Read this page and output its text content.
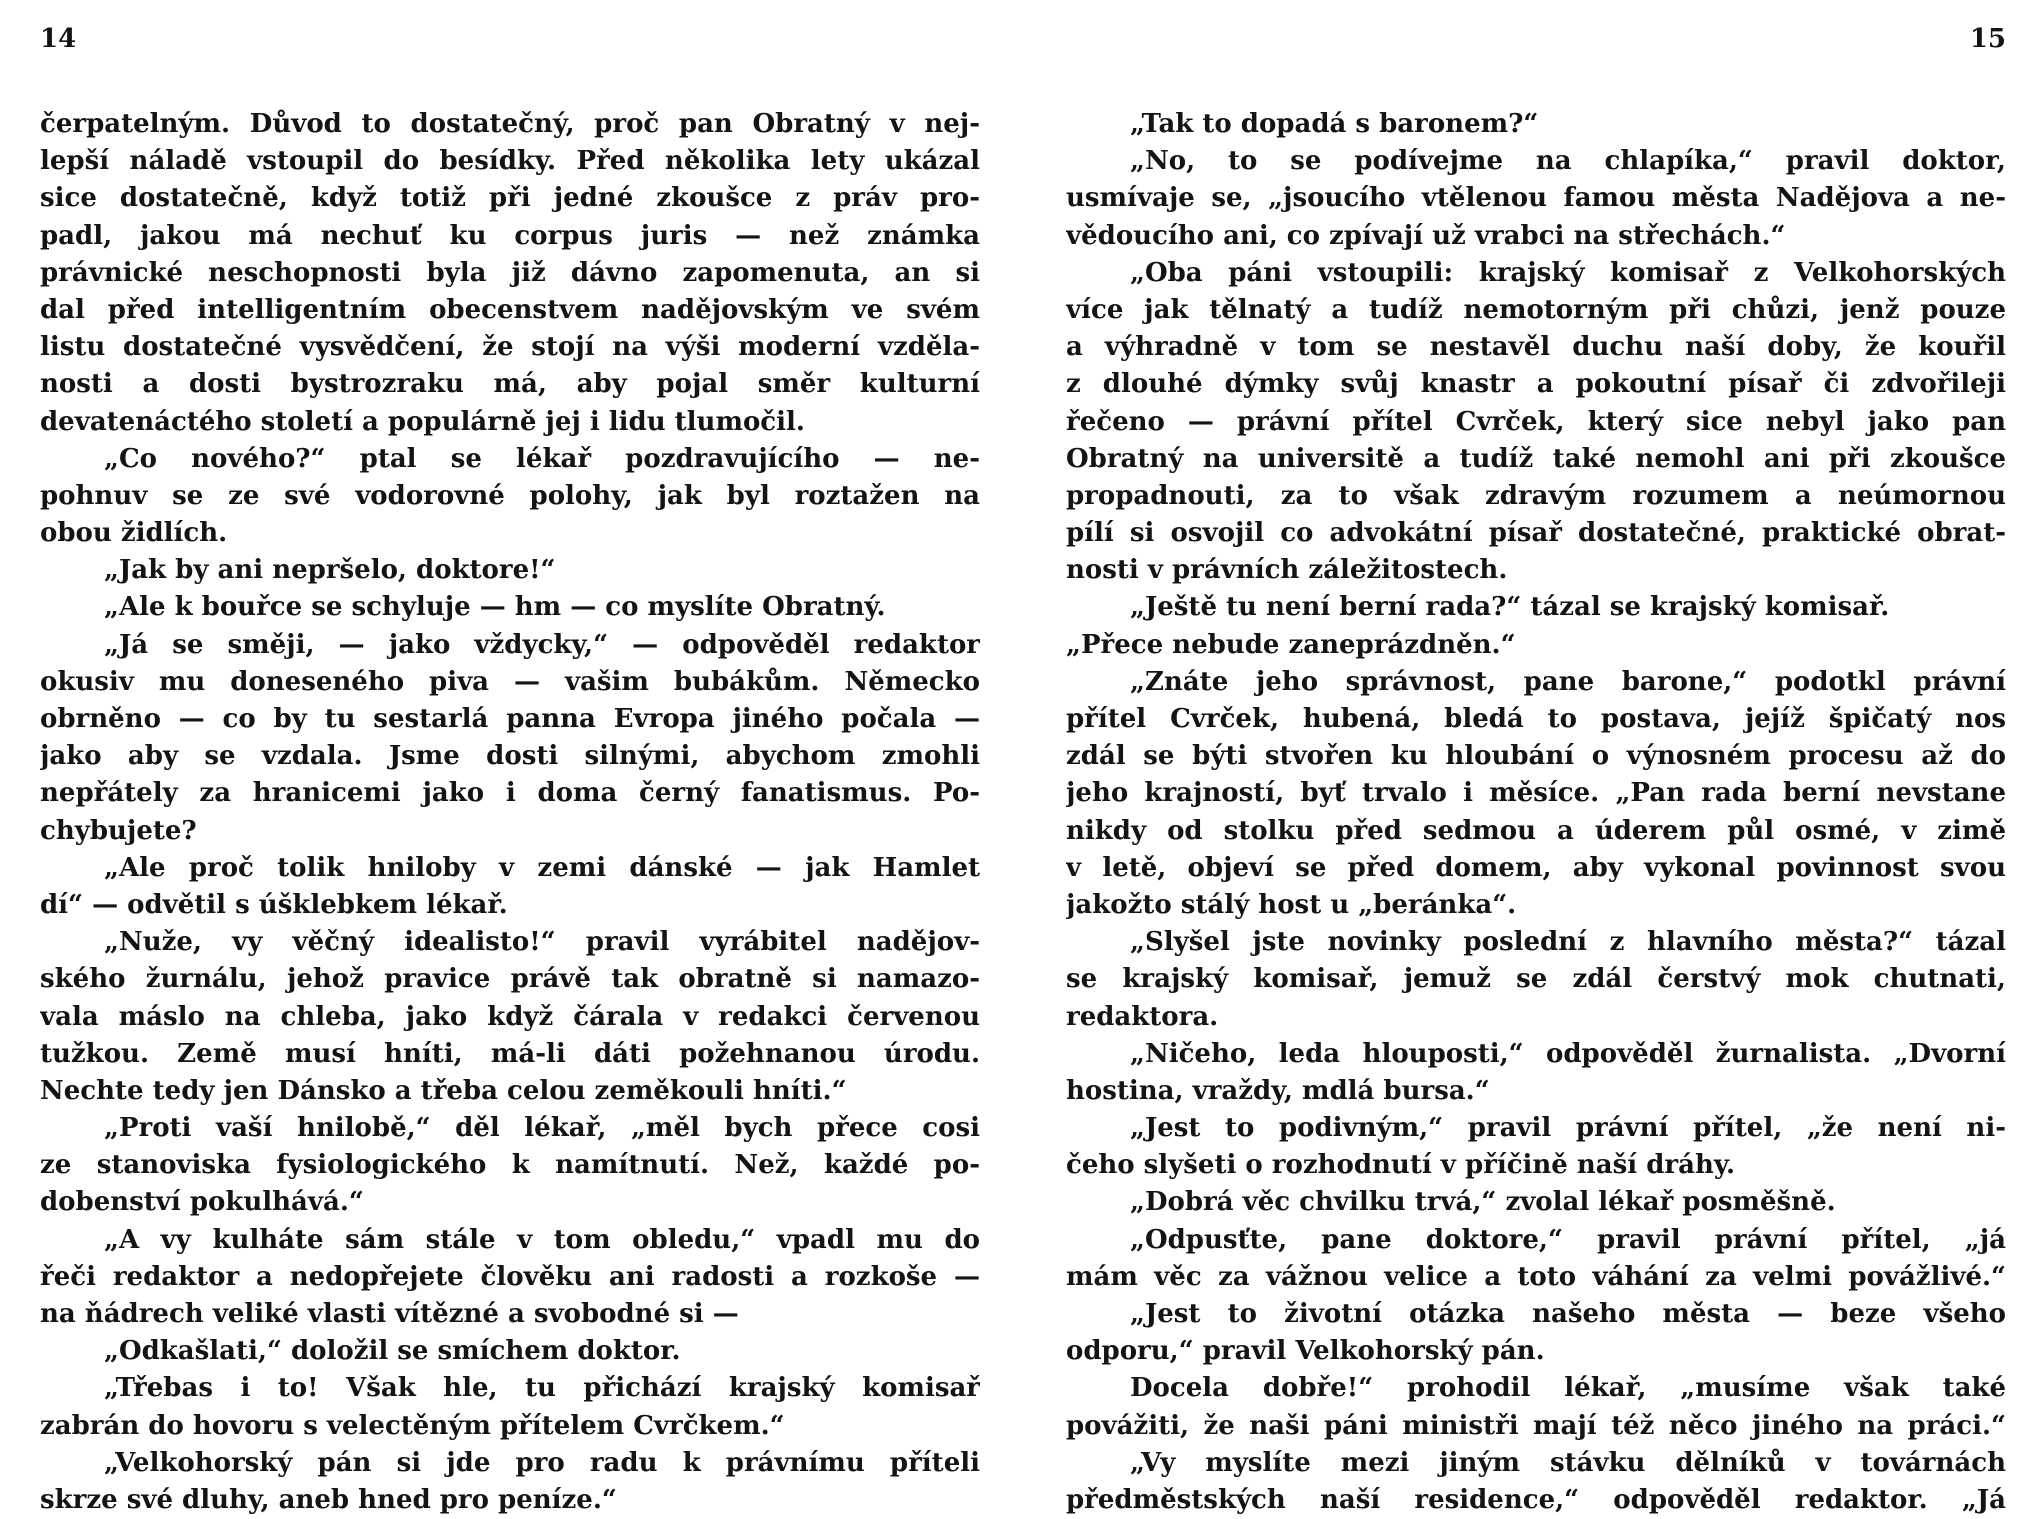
14
čerpatelným. Důvod to dostatečný, proč pan Obratný v nej-
lepší náladě vstoupil do besídky. Před několika lety ukázal
sice dostatečně, když totiž při jedné zkoušce z práv pro-
padl, jakou má nechuť ku corpus juris — než známka
právnické neschopnosti byla již dávno zapomenuta, an si
dal před intelligentním obecenstvem nadějovským ve svém
listu dostatečné vysvědčení, že stojí na výši moderní vzděla-
nosti a dosti bystrozraku má, aby pojal směr kulturní
devatenáctého století a populárně jej i lidu tlumočil.
„Co nového?“ ptal se lékař pozdravujícího — ne-
pohnuv se ze své vodorovné polohy, jak byl roztažen na
obou židlích.
„Jak by ani nepršelo, doktore!“
„Ale k bouřce se schyluje — hm — co myslíte Obratný.
„Já se směji, — jako vždycky,“ — odpověděl redaktor
okusiv mu doneseného piva — vašim bubákům. Německo
obrněno — co by tu sestarlá panna Evropa jiného počala —
jako aby se vzdala. Jsme dosti silnými, abychom zmohli
nepřátely za hranicemi jako i doma černý fanatismus. Po-
chybujete?
„Ale proč tolik hniloby v zemi dánské — jak Hamlet
dí“ — odvětil s úšklebkem lékař.
„Nuže, vy věčný idealisto!“ pravil vyrábitel nadějov-
ského žurnálu, jehož pravice právě tak obratně si namazo-
vala máslo na chleba, jako když čárala v redakci červenou
tužkou. Země musí hníti, má-li dáti požehnanou úrodu.
Nechte tedy jen Dánsko a třeba celou zeměkouli hníti.“
„Proti vaší hnilobě,“ děl lékař, „měl bych přece cosi
ze stanoviska fysiologického k namítnutí. Než, každé po-
dobenství pokulhává.“
„A vy kulháte sám stále v tom obledu,“ vpadl mu do
řeči redaktor a nedopřejete člověku ani radosti a rozkoše —
na ňádrech veliké vlasti vítězné a svobodné si —
„Odkašlati,“ doložil se smíchem doktor.
„Třebas i to! Však hle, tu přichází krajský komisař
zabrán do hovoru s velectěným přítelem Cvrčkem.“
„Velkohorský pán si jde pro radu k právnímu příteli
skrze své dluhy, aneb hned pro peníze.“
15
„Tak to dopadá s baronem?“
„No, to se podívejme na chlapíka,“ pravil doktor,
usmívaje se, „jsoucího vtělenou famou města Nadějova a ne-
vědoucího ani, co zpívají už vrabci na střechách.“
„Oba páni vstoupili: krajský komisař z Velkohorských
více jak tělnatý a tudíž nemotorným při chůzi, jenž pouze
a výhradně v tom se nestavěl duchu naší doby, že kouřil
z dlouhé dýmky svůj knastr a pokoutní písař či zdvořileji
řečeno — právní přítel Cvrček, který sice nebyl jako pan
Obratný na universitě a tudíž také nemohl ani při zkoušce
propadnouti, za to však zdravým rozumem a neúmornou
pílí si osvojil co advokátní písař dostatečné, praktické obrat-
nosti v právních záležitostech.
„Ještě tu není berní rada?“ tázal se krajský komisař.
„Přece nebude zaneprázdněn.“
„Znáte jeho správnost, pane barone,“ podotkl právní
přítel Cvrček, hubená, bledá to postava, jejíž špičatý nos
zdál se býti stvořen ku hloubání o výnosném procesu až do
jeho krajností, byť trvalo i měsíce. „Pan rada berní nevstane
nikdy od stolku před sedmou a úderem půl osmé, v zimě
v letě, objeví se před domem, aby vykonal povinnost svou
jakožto stálý host u „beránka“.
„Slyšel jste novinky poslední z hlavního města?“ tázal
se krajský komisař, jemuž se zdál čerstvý mok chutnati,
redaktora.
„Ničeho, leda hlouposti,“ odpověděl žurnalista. „Dvorní
hostina, vraždy, mdlá bursa.“
„Jest to podivným,“ pravil právní přítel, „že není ni-
čeho slyšeti o rozhodnutí v příčině naší dráhy.
„Dobrá věc chvilku trvá,“ zvolal lékař posměšně.
„Odpusťte, pane doktore,“ pravil právní přítel, „já
mám věc za vážnou velice a toto váhání za velmi povážlivé.“
„Jest to životní otázka našeho města — beze všeho
odporu,“ pravil Velkohorský pán.
Docela dobře!“ prohodil lékař, „musíme však také
povážiti, že naši páni ministři mají též něco jiného na práci.“
„Vy myslíte mezi jiným stávku dělníků v továrnách
předměstských naší residence,“ odpověděl redaktor. „Já
